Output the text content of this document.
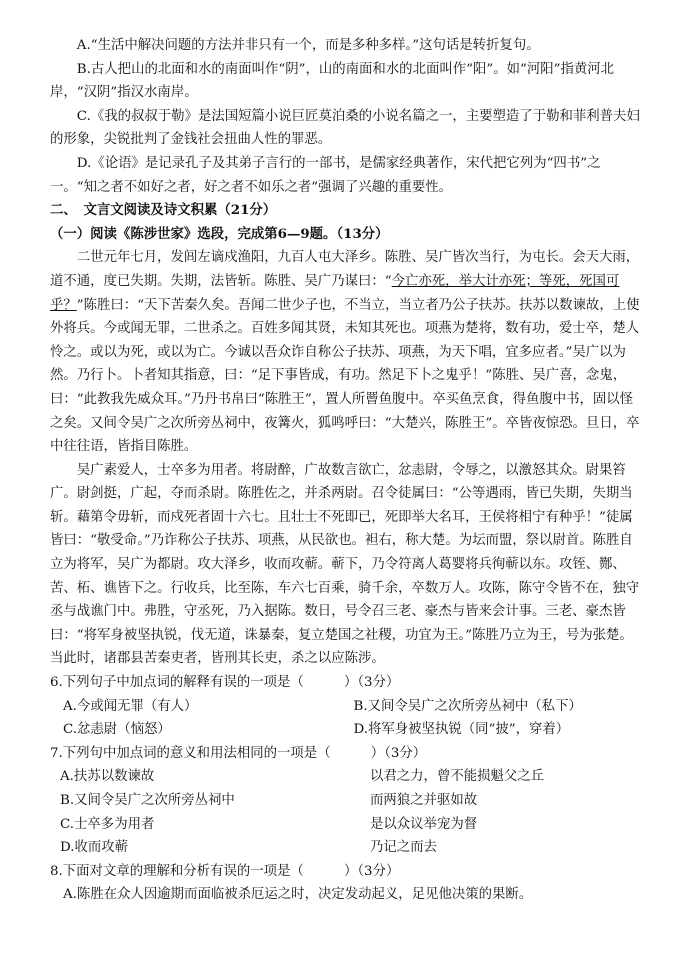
A.“生活中解决问题的方法并非只有一个，而是多种多样。”这句话是转折复句。

B.古人把山的北面和水的南面叫作“阴”，山的南面和水的北面叫作“阳”。如“河阳”指黄河北岸，“汉阴”指汉水南岸。

C.《我的叔叔于勒》是法国短篇小说巨匠莫泊桑的小说名篇之一，主要塑造了于勒和菲利普夫妇的形象，尖锐批判了金钱社会扭曲人性的罪恶。

D.《论语》是记录孔子及其弟子言行的一部书，是儒家经典著作，宋代把它列为“四书”之一。“知之者不如好之者，好之者不如乐之者”强调了兴趣的重要性。

二、　文言文阅读及诗文积累（21分）

（一）阅读《陈涉世家》选段，完成第6—9题。（13分）

二世元年七月，发闾左谪戍渔阳，九百人屯大泽乡。陈胜、吴广皆次当行，为屯长。会天大雨，道不通，度已失期。失期，法皆斩。陈胜、吴广乃谋曰：“今亡亦死，举大计亦死；等死，死国可乎？”陈胜曰：“天下苦秦久矣。吾闻二世少子也，不当立，当立者乃公子扶苏。扶苏以数谏故，上使外将兵。今或闻无罪，二世杀之。百姓多闻其贤，未知其死也。项燕为楚将，数有功，爱士卒，楚人怜之。或以为死，或以为亡。今诚以吾众诈自称公子扶苏、项燕，为天下唱，宜多应者。”吴广以为然。乃行卜。卜者知其指意，曰：“足下事皆成，有功。然足下卜之鬼乎！”陈胜、吴广喜，念鬼，曰：“此教我先威众耳。”乃丹书帛曰“陈胜王”，置人所罾鱼腹中。卒买鱼烹食，得鱼腹中书，固以怪之矣。又间令吴广之次所旁丛祠中，夜篝火，狐鸣呼曰：“大楚兴，陈胜王”。卒皆夜惊恐。旦日，卒中往往语，皆指目陈胜。

吴广素爱人，士卒多为用者。将尉醉，广故数言欲亡，忿恚尉，令辱之，以激怒其众。尉果笞广。尉剑挺，广起，夺而杀尉。陈胜佐之，并杀两尉。召令徒属曰：“公等遇雨，皆已失期，失期当斩。藉第令毋斩，而戍死者固十六七。且壮士不死即已，死即举大名耳，王侯将相宁有种乎！”徒属皆曰：“敬受命。”乃诈称公子扶苏、项燕，从民欲也。袒右，称大楚。为坛而盟，祭以尉首。陈胜自立为将军，吴广为都尉。攻大泽乡，收而攻蕲。蕲下，乃令符离人葛婴将兵徇蕲以东。攻铚、酂、苦、柘、谯皆下之。行收兵，比至陈，车六七百乘，骑千余，卒数万人。攻陈，陈守令皆不在，独守丞与战谯门中。弗胜，守丞死，乃入据陈。数日，号令召三老、豪杰与皆来会计事。三老、豪杰皆曰：“将军身被坚执锐，伐无道，诛暴秦，复立楚国之社稷，功宜为王。”陈胜乃立为王，号为张楚。当此时，诸郡县苦秦吏者，皆刑其长吏，杀之以应陈涉。

6.下列句子中加点词的解释有误的一项是（　　　）（3分）

A.今或闻无罪（有人）	B.又间令吴广之次所旁丛祠中（私下）
C.忿恚尉（恼怒）	D.将军身被坚执锐（同“披”，穿着）

7.下列句中加点词的意义和用法相同的一项是（　　　）（3分）

A.扶苏以数谏故	以君之力，曾不能损魁父之丘
B.又间令吴广之次所旁丛祠中	而两狼之并驱如故
C.士卒多为用者	是以众议举宠为督
D.收而攻蕲	乃记之而去

8.下面对文章的理解和分析有误的一项是（　　　）（3分）

A.陈胜在众人因逾期而面临被杀厄运之时，决定发动起义，足见他决策的果断。
